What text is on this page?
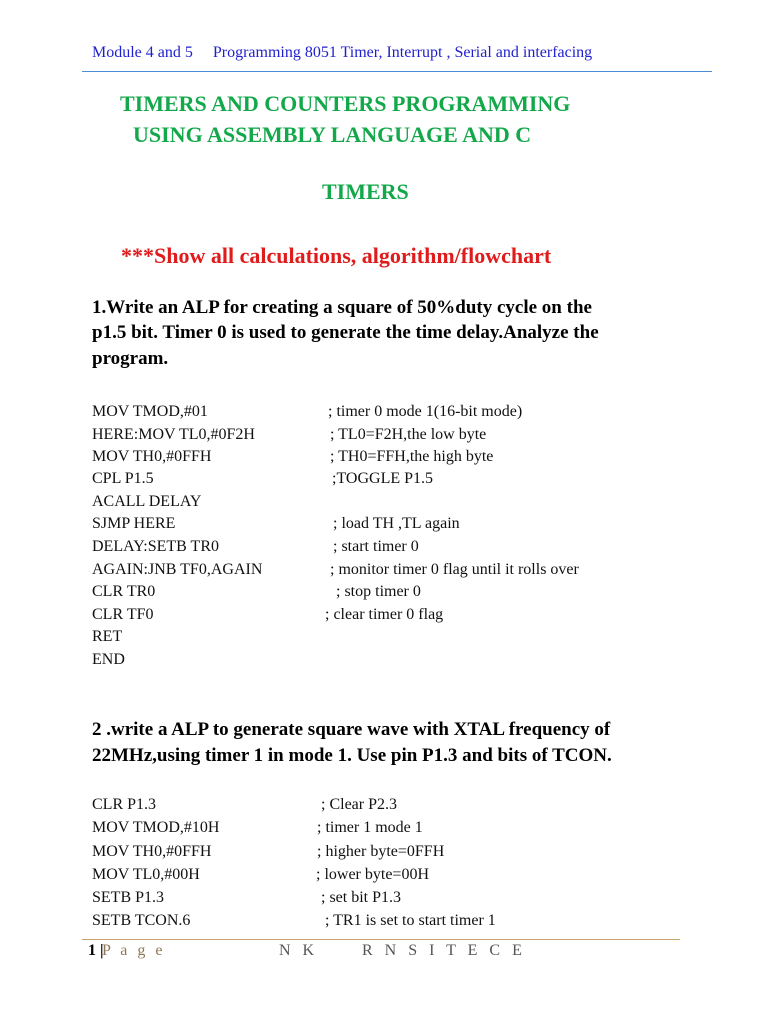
Module 4 and 5 Programming 8051 Timer, Interrupt , Serial and interfacing
TIMERS AND COUNTERS PROGRAMMING
USING ASSEMBLY LANGUAGE AND C
TIMERS
***Show all calculations, algorithm/flowchart
1.Write an ALP for creating a square of 50%duty cycle on the
p1.5 bit. Timer 0 is used to generate the time delay.Analyze the
program.
MOV TMOD,#01	; timer 0 mode 1(16-bit mode)
HERE:MOV TL0,#0F2H	; TL0=F2H,the low byte
MOV TH0,#0FFH	; TH0=FFH,the high byte
CPL P1.5	;TOGGLE P1.5
ACALL DELAY
SJMP HERE	; load TH ,TL again
DELAY:SETB TR0	; start timer 0
AGAIN:JNB TF0,AGAIN	; monitor timer 0 flag until it rolls over
CLR TR0	; stop timer 0
CLR TF0	; clear timer 0 flag
RET
END
2 .write a ALP to generate square wave with XTAL frequency of
22MHz,using timer 1 in mode 1. Use pin P1.3 and bits of TCON.
CLR P1.3	; Clear P2.3
MOV TMOD,#10H	; timer 1 mode 1
MOV TH0,#0FFH	; higher byte=0FFH
MOV TL0,#00H	; lower byte=00H
SETB P1.3	; set bit P1.3
SETB TCON.6	; TR1 is set to start timer 1
1 |
P a g e	N K	R N S I T E C E
